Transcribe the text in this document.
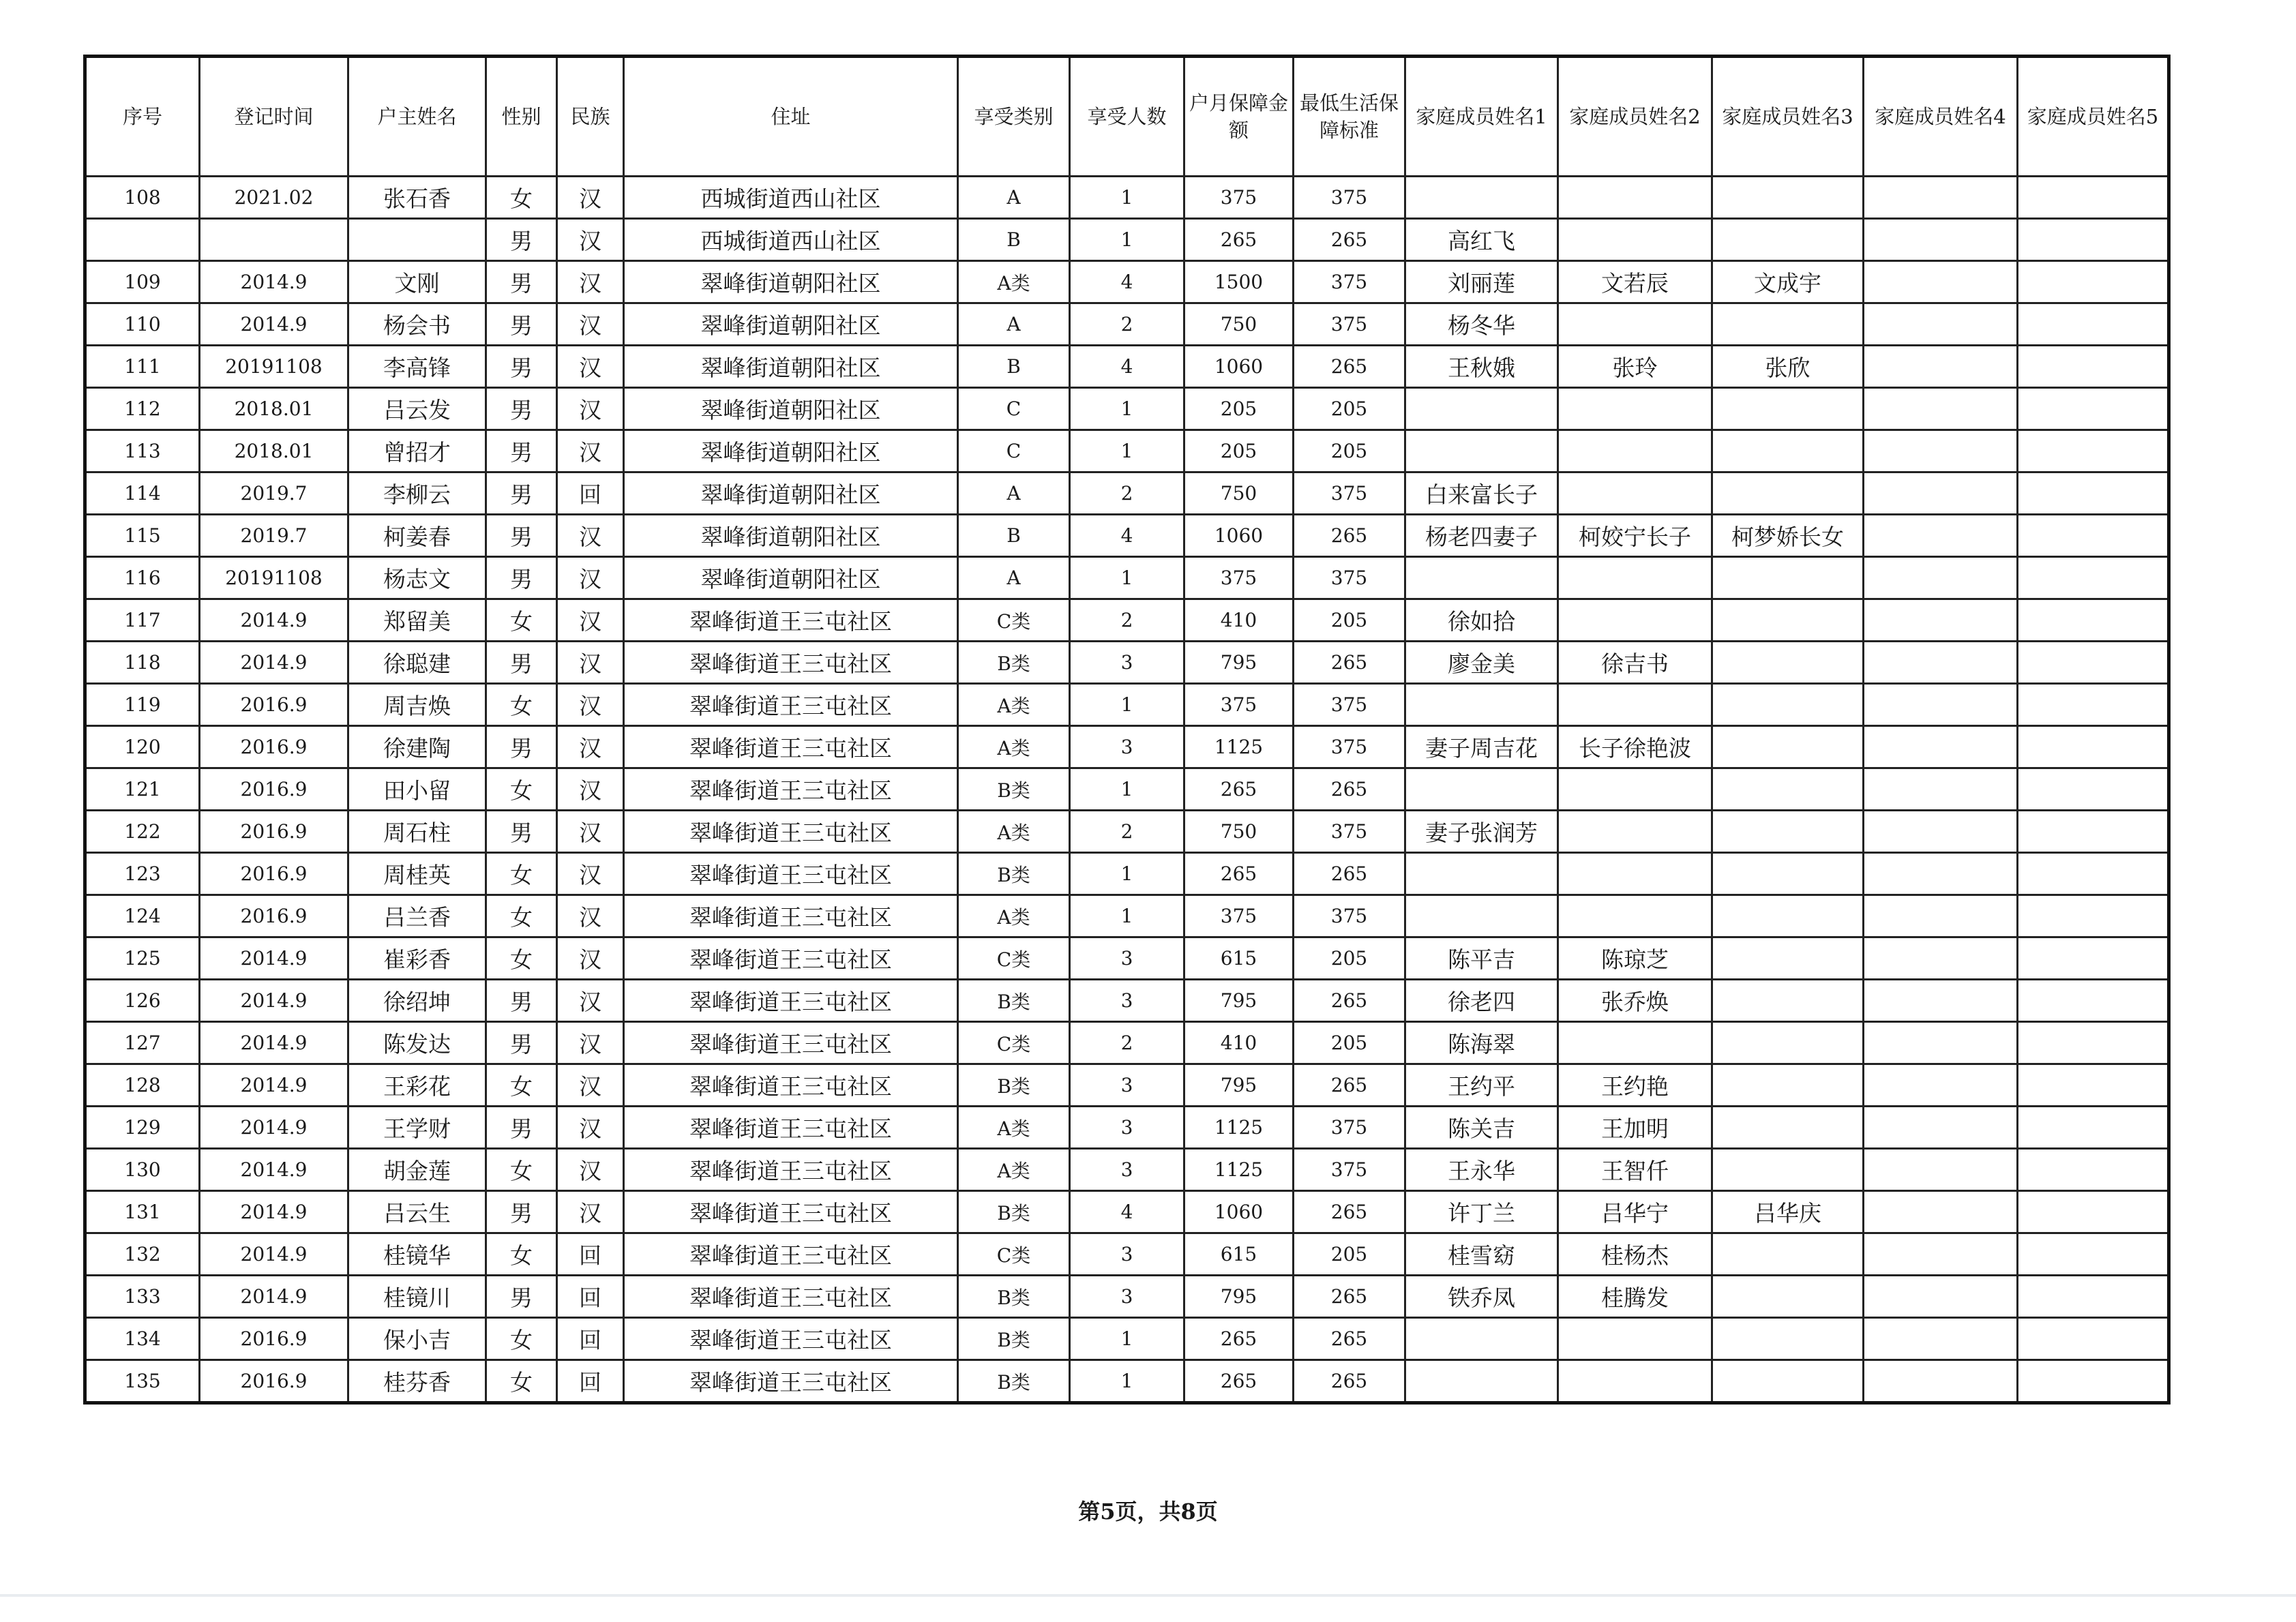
序号	登记时间	户主姓名	性别	民族	住址	享受类别	享受人数	户月保障金额	最低生活保障标准	家庭成员姓名1	家庭成员姓名2	家庭成员姓名3	家庭成员姓名4	家庭成员姓名5
108	2021.02	张石香	女	汉	西城街道西山社区	A	1	375	375					
			男	汉	西城街道西山社区	B	1	265	265	高红飞				
109	2014.9	文刚	男	汉	翠峰街道朝阳社区	A类	4	1500	375	刘丽莲	文若辰	文成宇		
110	2014.9	杨会书	男	汉	翠峰街道朝阳社区	A	2	750	375	杨冬华				
111	20191108	李高锋	男	汉	翠峰街道朝阳社区	B	4	1060	265	王秋娥	张玲	张欣		
112	2018.01	吕云发	男	汉	翠峰街道朝阳社区	C	1	205	205					
113	2018.01	曾招才	男	汉	翠峰街道朝阳社区	C	1	205	205					
114	2019.7	李柳云	男	回	翠峰街道朝阳社区	A	2	750	375	白来富长子				
115	2019.7	柯姜春	男	汉	翠峰街道朝阳社区	B	4	1060	265	杨老四妻子	柯姣宁长子	柯梦娇长女		
116	20191108	杨志文	男	汉	翠峰街道朝阳社区	A	1	375	375					
117	2014.9	郑留美	女	汉	翠峰街道王三屯社区	C类	2	410	205	徐如拾				
118	2014.9	徐聪建	男	汉	翠峰街道王三屯社区	B类	3	795	265	廖金美	徐吉书			
119	2016.9	周吉焕	女	汉	翠峰街道王三屯社区	A类	1	375	375					
120	2016.9	徐建陶	男	汉	翠峰街道王三屯社区	A类	3	1125	375	妻子周吉花	长子徐艳波			
121	2016.9	田小留	女	汉	翠峰街道王三屯社区	B类	1	265	265					
122	2016.9	周石柱	男	汉	翠峰街道王三屯社区	A类	2	750	375	妻子张润芳				
123	2016.9	周桂英	女	汉	翠峰街道王三屯社区	B类	1	265	265					
124	2016.9	吕兰香	女	汉	翠峰街道王三屯社区	A类	1	375	375					
125	2014.9	崔彩香	女	汉	翠峰街道王三屯社区	C类	3	615	205	陈平吉	陈琼芝			
126	2014.9	徐绍坤	男	汉	翠峰街道王三屯社区	B类	3	795	265	徐老四	张乔焕			
127	2014.9	陈发达	男	汉	翠峰街道王三屯社区	C类	2	410	205	陈海翠				
128	2014.9	王彩花	女	汉	翠峰街道王三屯社区	B类	3	795	265	王约平	王约艳			
129	2014.9	王学财	男	汉	翠峰街道王三屯社区	A类	3	1125	375	陈关吉	王加明			
130	2014.9	胡金莲	女	汉	翠峰街道王三屯社区	A类	3	1125	375	王永华	王智仟			
131	2014.9	吕云生	男	汉	翠峰街道王三屯社区	B类	4	1060	265	许丁兰	吕华宁	吕华庆		
132	2014.9	桂镜华	女	回	翠峰街道王三屯社区	C类	3	615	205	桂雪窈	桂杨杰			
133	2014.9	桂镜川	男	回	翠峰街道王三屯社区	B类	3	795	265	铁乔凤	桂腾发			
134	2016.9	保小吉	女	回	翠峰街道王三屯社区	B类	1	265	265					
135	2016.9	桂芬香	女	回	翠峰街道王三屯社区	B类	1	265	265					
第5页，共8页
